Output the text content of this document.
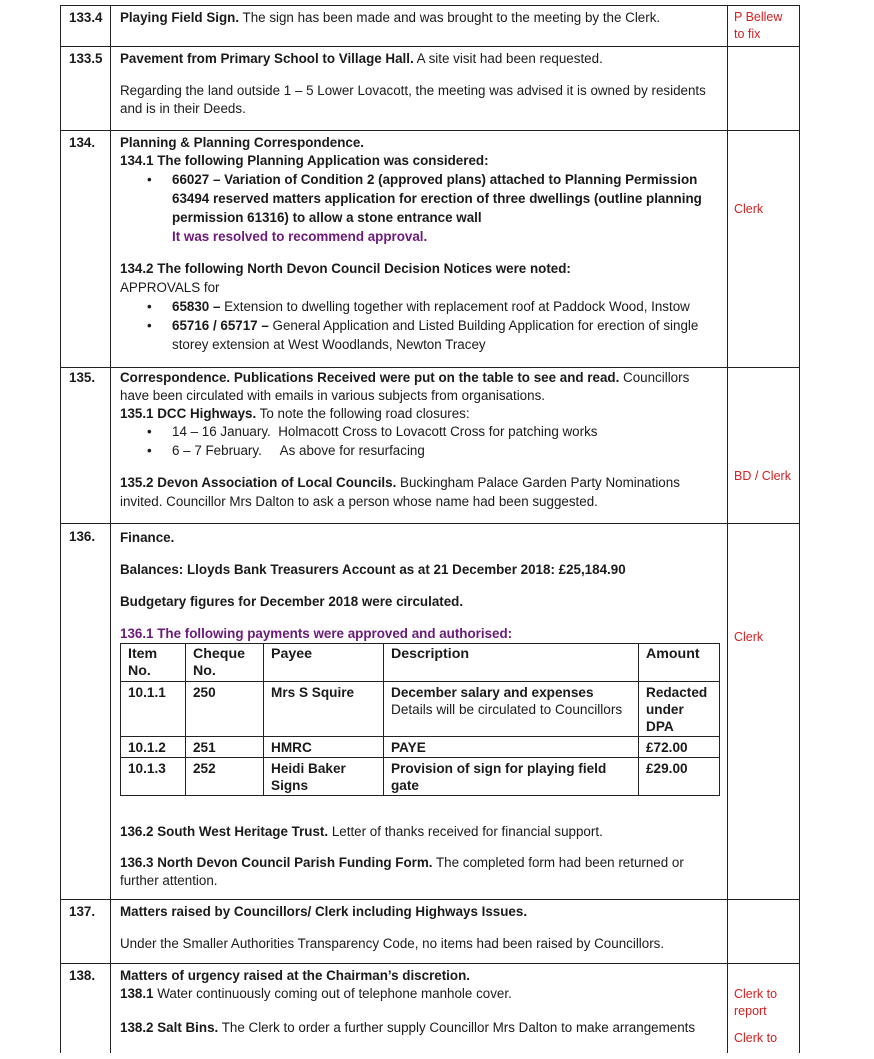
133.4	Playing Field Sign. The sign has been made and was brought to the meeting by the Clerk.	P Bellew
to fix
133.5	Pavement from Primary School to Village Hall. A site visit had been requested.
Regarding the land outside 1 – 5 Lower Lovacott, the meeting was advised it is owned by residents
and is in their Deeds.
134.	Planning & Planning Correspondence.
134.1 The following Planning Application was considered:
• 66027 – Variation of Condition 2 (approved plans) attached to Planning Permission
63494 reserved matters application for erection of three dwellings (outline planning
permission 61316) to allow a stone entrance wall
It was resolved to recommend approval.
134.2 The following North Devon Council Decision Notices were noted:
APPROVALS for
• 65830 – Extension to dwelling together with replacement roof at Paddock Wood, Instow
• 65716 / 65717 – General Application and Listed Building Application for erection of single
storey extension at West Woodlands, Newton Tracey
Clerk
135.	Correspondence. Publications Received were put on the table to see and read. Councillors
have been circulated with emails in various subjects from organisations.
135.1 DCC Highways. To note the following road closures:
• 14 – 16 January.  Holmacott Cross to Lovacott Cross for patching works
• 6 – 7 February.     As above for resurfacing
135.2 Devon Association of Local Councils. Buckingham Palace Garden Party Nominations
invited. Councillor Mrs Dalton to ask a person whose name had been suggested.
BD / Clerk
136.	Finance.
Balances: Lloyds Bank Treasurers Account as at 21 December 2018: £25,184.90
Budgetary figures for December 2018 were circulated.
136.1 The following payments were approved and authorised:
Item No.	Cheque No.	Payee	Description	Amount
10.1.1	250	Mrs S Squire	December salary and expenses
Details will be circulated to Councillors	Redacted under DPA
10.1.2	251	HMRC	PAYE	£72.00
10.1.3	252	Heidi Baker Signs	Provision of sign for playing field gate	£29.00
136.2 South West Heritage Trust. Letter of thanks received for financial support.
136.3 North Devon Council Parish Funding Form. The completed form had been returned or
further attention.
Clerk
137.	Matters raised by Councillors/ Clerk including Highways Issues.
Under the Smaller Authorities Transparency Code, no items had been raised by Councillors.
138.	Matters of urgency raised at the Chairman’s discretion.
138.1 Water continuously coming out of telephone manhole cover.
138.2 Salt Bins. The Clerk to order a further supply Councillor Mrs Dalton to make arrangements
Clerk to
report
Clerk to
